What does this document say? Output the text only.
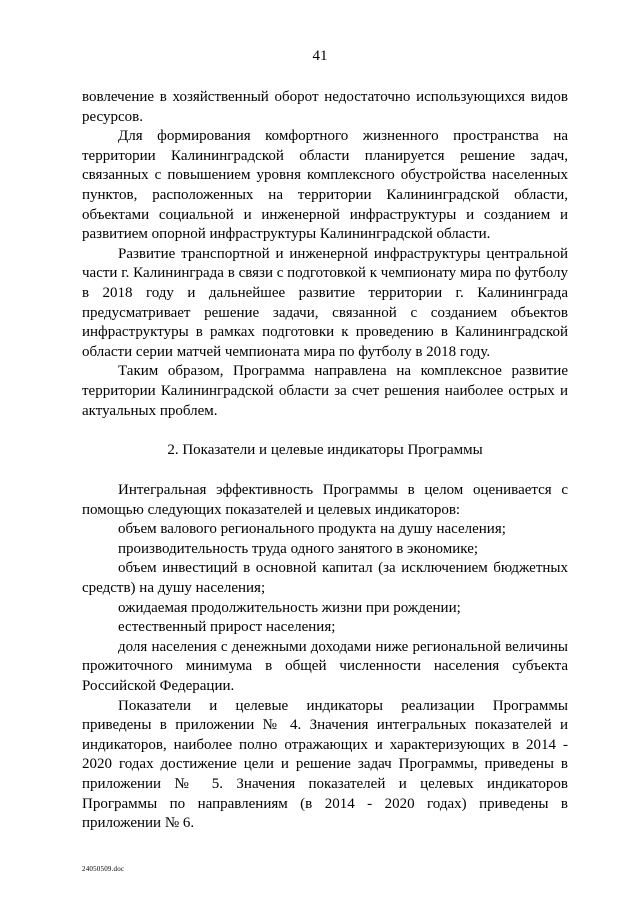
41

вовлечение в хозяйственный оборот недостаточно использующихся видов ресурсов.

Для формирования комфортного жизненного пространства на территории Калининградской области планируется решение задач, связанных с повышением уровня комплексного обустройства населенных пунктов, расположенных на территории Калининградской области, объектами социальной и инженерной инфраструктуры и созданием и развитием опорной инфраструктуры Калининградской области.

Развитие транспортной и инженерной инфраструктуры центральной части г. Калининграда в связи с подготовкой к чемпионату мира по футболу в 2018 году и дальнейшее развитие территории г. Калининграда предусматривает решение задачи, связанной с созданием объектов инфраструктуры в рамках подготовки к проведению в Калининградской области серии матчей чемпионата мира по футболу в 2018 году.

Таким образом, Программа направлена на комплексное развитие территории Калининградской области за счет решения наиболее острых и актуальных проблем.

2. Показатели и целевые индикаторы Программы

Интегральная эффективность Программы в целом оценивается с помощью следующих показателей и целевых индикаторов:

объем валового регионального продукта на душу населения;

производительность труда одного занятого в экономике;

объем инвестиций в основной капитал (за исключением бюджетных средств) на душу населения;

ожидаемая продолжительность жизни при рождении;

естественный прирост населения;

доля населения с денежными доходами ниже региональной величины прожиточного минимума в общей численности населения субъекта Российской Федерации.

Показатели и целевые индикаторы реализации Программы приведены в приложении № 4. Значения интегральных показателей и индикаторов, наиболее полно отражающих и характеризующих в 2014 - 2020 годах достижение цели и решение задач Программы, приведены в приложении № 5. Значения показателей и целевых индикаторов Программы по направлениям (в 2014 - 2020 годах) приведены в приложении № 6.

24050509.doc
